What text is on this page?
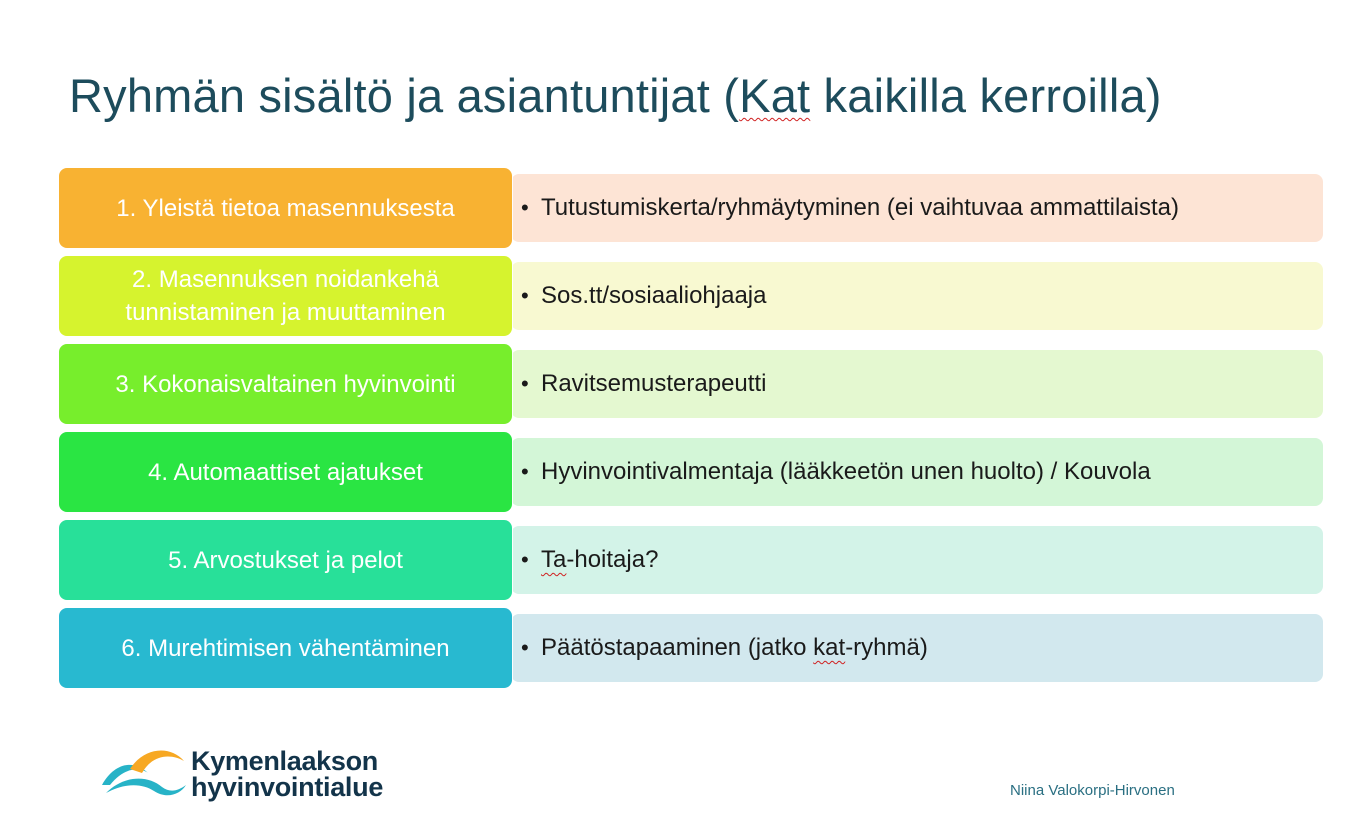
Ryhmän sisältö ja asiantuntijat (Kat kaikilla kerroilla)
1. Yleistä tietoa masennuksesta	• Tutustumiskerta/ryhmäytyminen (ei vaihtuvaa ammattilaista)
2. Masennuksen noidankehä tunnistaminen ja muuttaminen
• Sos.tt/sosiaaliohjaaja
3. Kokonaisvaltainen hyvinvointi	• Ravitsemusterapeutti
4. Automaattiset ajatukset	• Hyvinvointivalmentaja (lääkkeetön unen huolto) / Kouvola
5. Arvostukset ja pelot	• Ta-hoitaja?
6. Murehtimisen vähentäminen	• Päätöstapaaminen (jatko kat-ryhmä)
Kymenlaakson
hyvinvointialue	Niina Valokorpi-Hirvonen
